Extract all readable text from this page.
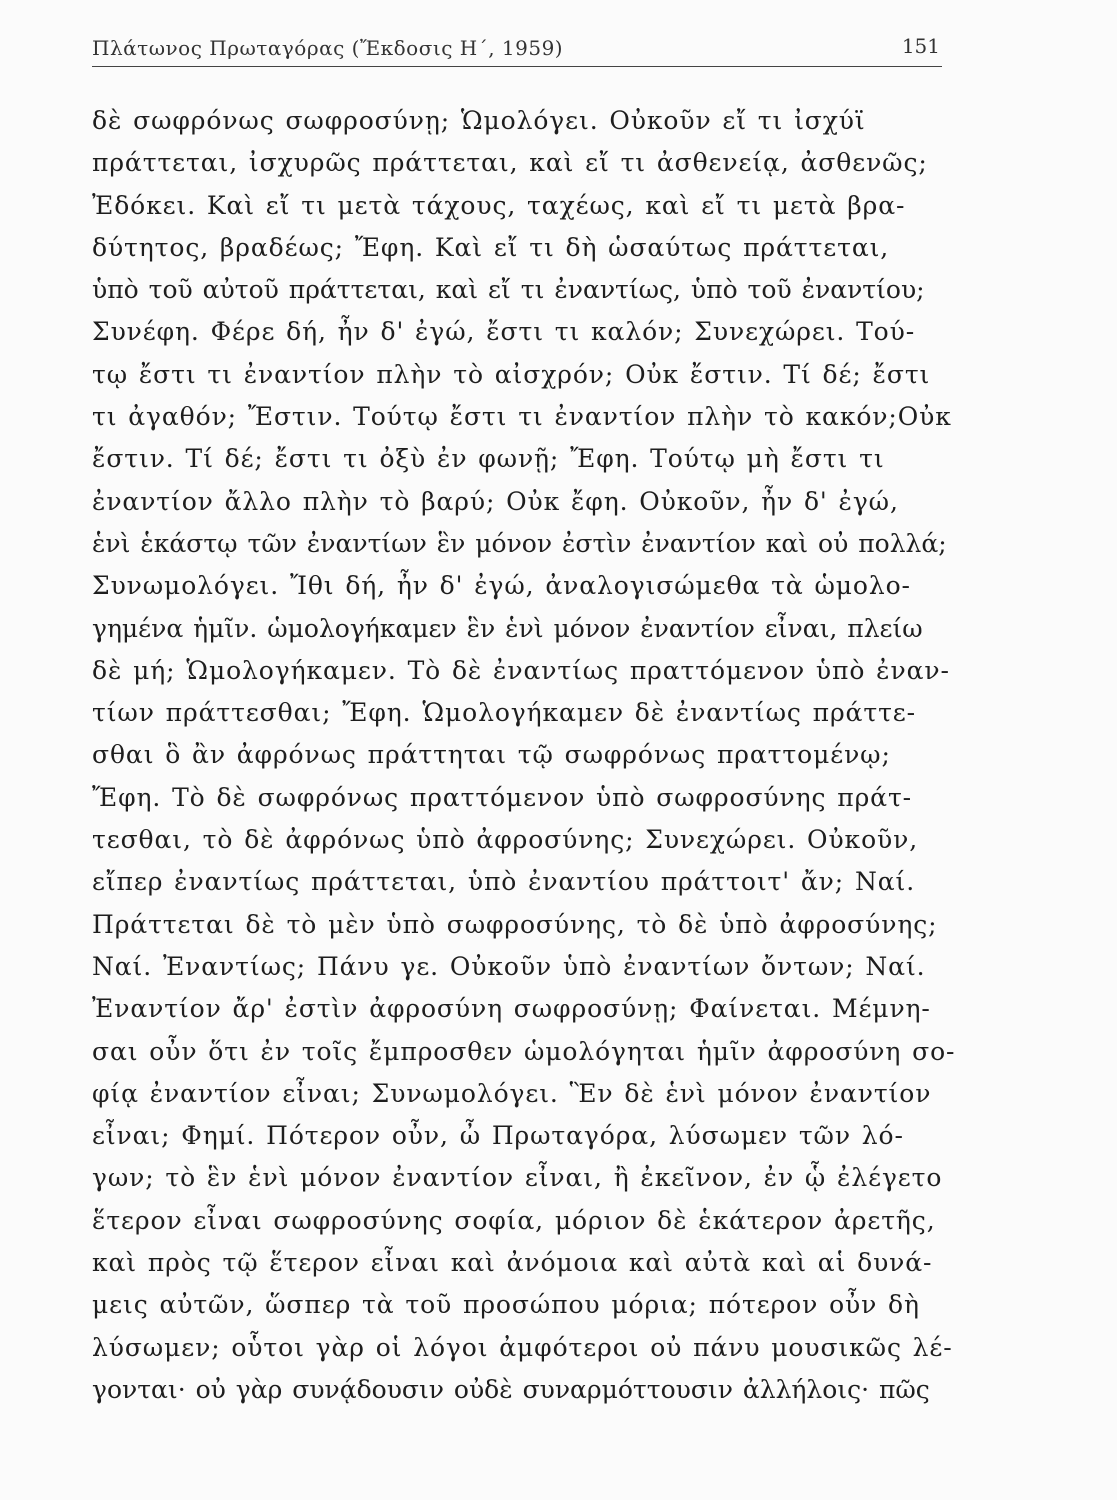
Πλάτωνος Πρωταγόρας (Ἔκδοσις Η΄, 1959)	151
δὲ σωφρόνως σωφροσύνῃ; Ὡμολόγει. Οὐκοῦν εἴ τι ἰσχύϊ
πράττεται, ἰσχυρῶς πράττεται, καὶ εἴ τι ἀσθενείᾳ, ἀσθενῶς;
Ἐδόκει. Καὶ εἴ τι μετὰ τάχους, ταχέως, καὶ εἴ τι μετὰ βρα-
δύτητος, βραδέως; Ἔφη. Καὶ εἴ τι δὴ ὡσαύτως πράττεται,
ὑπὸ τοῦ αὐτοῦ πράττεται, καὶ εἴ τι ἐναντίως, ὑπὸ τοῦ ἐναντίου;
Συνέφη. Φέρε δή, ἦν δ' ἐγώ, ἔστι τι καλόν; Συνεχώρει. Τού-
τῳ ἔστι τι ἐναντίον πλὴν τὸ αἰσχρόν; Οὐκ ἔστιν. Τί δέ; ἔστι
τι ἀγαθόν; Ἔστιν. Τούτῳ ἔστι τι ἐναντίον πλὴν τὸ κακόν;Οὐκ
ἔστιν. Τί δέ; ἔστι τι ὀξὺ ἐν φωνῇ; Ἔφη. Τούτῳ μὴ ἔστι τι
ἐναντίον ἄλλο πλὴν τὸ βαρύ; Οὐκ ἔφη. Οὐκοῦν, ἦν δ' ἐγώ,
ἑνὶ ἑκάστῳ τῶν ἐναντίων ἓν μόνον ἐστὶν ἐναντίον καὶ οὐ πολλά;
Συνωμολόγει. Ἴθι δή, ἦν δ' ἐγώ, ἀναλογισώμεθα τὰ ὡμολο-
γημένα ἡμῖν. ὡμολογήκαμεν ἓν ἑνὶ μόνον ἐναντίον εἶναι, πλείω
δὲ μή; Ὡμολογήκαμεν. Τὸ δὲ ἐναντίως πραττόμενον ὑπὸ ἐναν-
τίων πράττεσθαι; Ἔφη. Ὡμολογήκαμεν δὲ ἐναντίως πράττε-
σθαι ὃ ἂν ἀφρόνως πράττηται τῷ σωφρόνως πραττομένῳ;
Ἔφη. Τὸ δὲ σωφρόνως πραττόμενον ὑπὸ σωφροσύνης πράτ-
τεσθαι, τὸ δὲ ἀφρόνως ὑπὸ ἀφροσύνης; Συνεχώρει. Οὐκοῦν,
εἴπερ ἐναντίως πράττεται, ὑπὸ ἐναντίου πράττοιτ' ἄν; Ναί.
Πράττεται δὲ τὸ μὲν ὑπὸ σωφροσύνης, τὸ δὲ ὑπὸ ἀφροσύνης;
Ναί. Ἐναντίως; Πάνυ γε. Οὐκοῦν ὑπὸ ἐναντίων ὄντων; Ναί.
Ἐναντίον ἄρ' ἐστὶν ἀφροσύνη σωφροσύνῃ; Φαίνεται. Μέμνη-
σαι οὖν ὅτι ἐν τοῖς ἔμπροσθεν ὡμολόγηται ἡμῖν ἀφροσύνη σο-
φίᾳ ἐναντίον εἶναι; Συνωμολόγει. Ἓν δὲ ἑνὶ μόνον ἐναντίον
εἶναι; Φημί. Πότερον οὖν, ὦ Πρωταγόρα, λύσωμεν τῶν λό-
γων; τὸ ἓν ἑνὶ μόνον ἐναντίον εἶναι, ἢ ἐκεῖνον, ἐν ᾧ ἐλέγετο
ἕτερον εἶναι σωφροσύνης σοφία, μόριον δὲ ἑκάτερον ἀρετῆς,
καὶ πρὸς τῷ ἕτερον εἶναι καὶ ἀνόμοια καὶ αὐτὰ καὶ αἱ δυνά-
μεις αὐτῶν, ὥσπερ τὰ τοῦ προσώπου μόρια; πότερον οὖν δὴ
λύσωμεν; οὗτοι γὰρ οἱ λόγοι ἀμφότεροι οὐ πάνυ μουσικῶς λέ-
γονται· οὐ γὰρ συνᾴδουσιν οὐδὲ συναρμόττουσιν ἀλλήλοις· πῶς
